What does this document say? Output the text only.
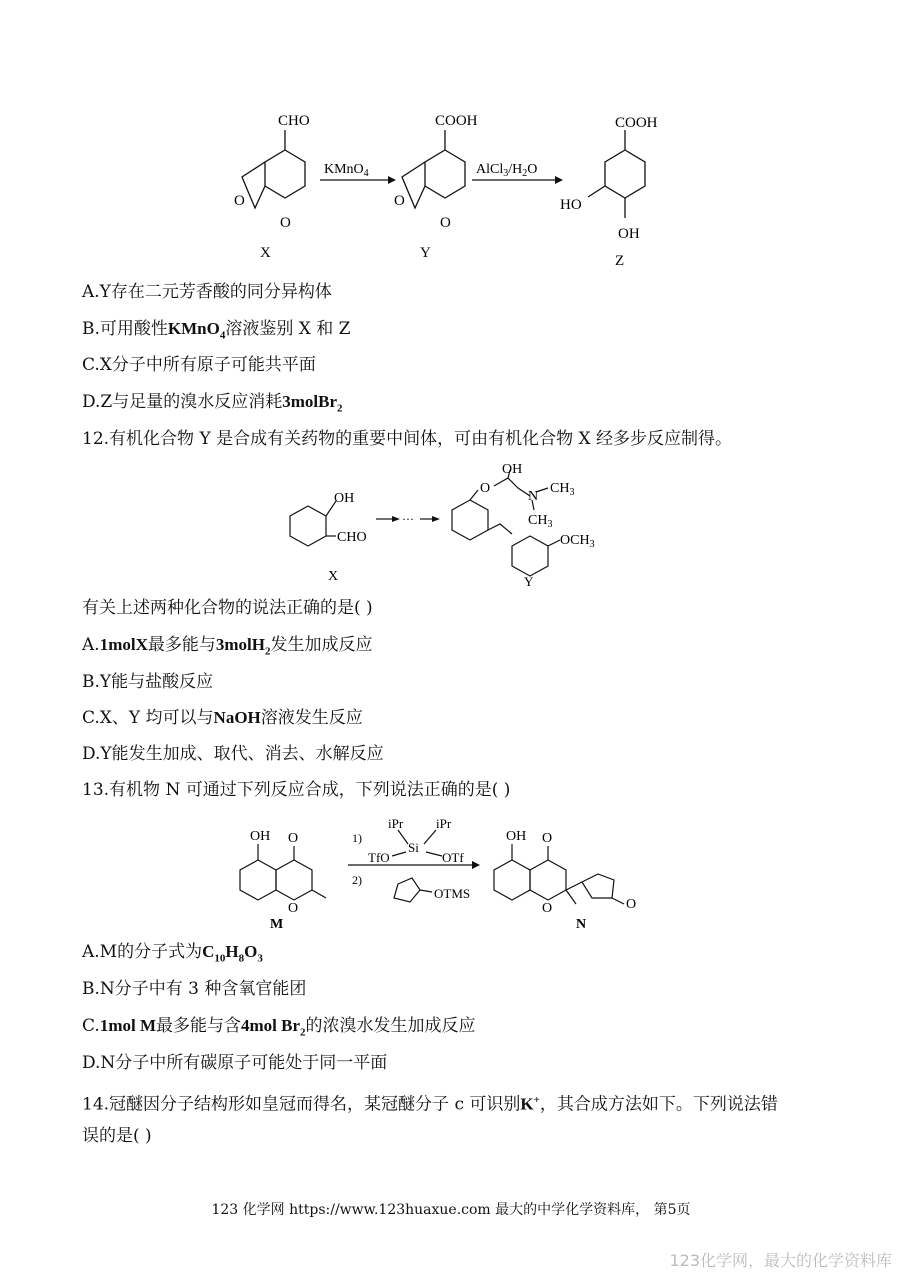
CHO	COOH	COOH
O
O
O
O
HO
OH
KMnO$_4$	$AlCl_3/H_2O$
X	Y	Z
A.Y存在二元芳香酸的同分异构体
B.可用酸性KMnO$_4$溶液鉴别 X 和 Z
C.X分子中所有原子可能共平面
D.Z与足量的溴水反应消耗3molBr$_2$
12.有机化合物 Y 是合成有关药物的重要中间体，可由有机化合物 X 经多步反应制得。
···
OH
CHO
X
O
OH
N
$CH_3$
$CH_3$
$OCH_3$
Y
有关上述两种化合物的说法正确的是( )
A.1molX最多能与3molH$_2$发生加成反应
B.Y能与盐酸反应
C.X、Y 均可以与NaOH溶液发生反应
D.Y能发生加成、取代、消去、水解反应
13.有机物 N 可通过下列反应合成，下列说法正确的是( )
OH O
O
M
1)
iPr	iPr
Si
TfO	OTf
2)
OTMS
OH O
O	O
N
A.M的分子式为$C_{10}H_8O_3$
B.N分子中有 3 种含氧官能团
C.1mol M最多能与含4mol $Br_2$的浓溴水发生加成反应
D.N分子中所有碳原子可能处于同一平面
14.冠醚因分子结构形如皇冠而得名，某冠醚分子 c 可识别K+，其合成方法如下。下列说法错
误的是( )
123 化学网 https://www.123huaxue.com 最大的中学化学资料库， 第5页
123化学网，最大的化学资料库
